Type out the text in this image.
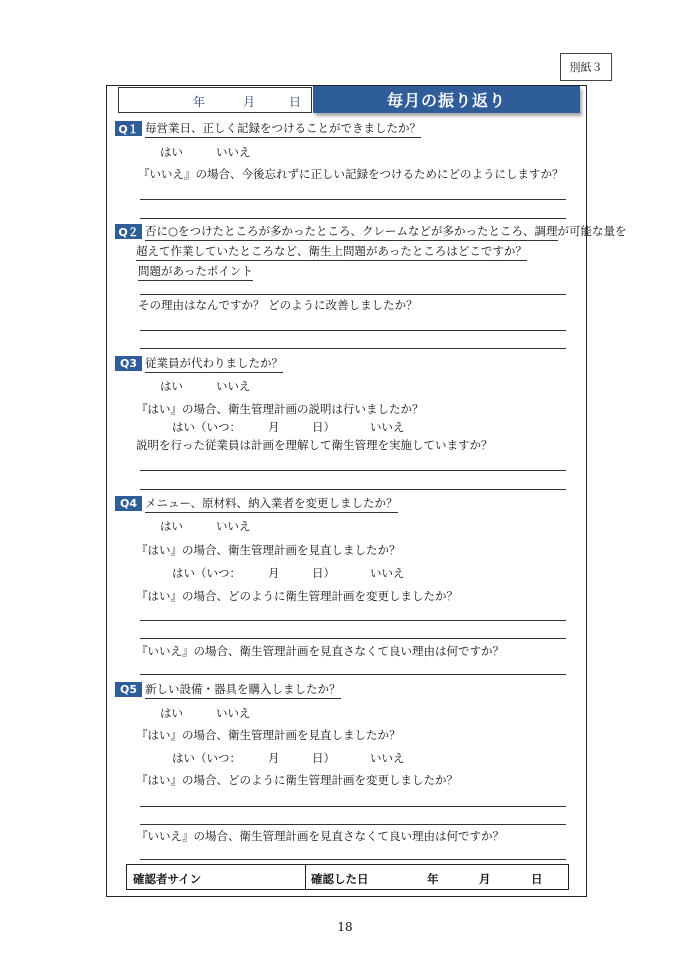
別紙３
年	月	日	毎月の振り返り
Q１ 毎営業日、正しく記録をつけることができましたか？
はい	いいえ
『いいえ』の場合、今後忘れずに正しい記録をつけるためにどのようにしますか？
Q２ 否に○をつけたところが多かったところ、クレームなどが多かったところ、調理が可能な量を
超えて作業していたところなど、衛生上問題があったところはどこですか？
問題があったポイント
その理由はなんですか？ どのように改善しましたか？
Q3 従業員が代わりましたか？
はい	いいえ
『はい』の場合、衛生管理計画の説明は行いましたか？
はい（いつ： 月	日）	いいえ
説明を行った従業員は計画を理解して衛生管理を実施していますか？
Q4 メニュー、原材料、納入業者を変更しましたか？
はい	いいえ
『はい』の場合、衛生管理計画を見直しましたか？
はい（いつ： 月	日）	いいえ
『はい』の場合、どのように衛生管理計画を変更しましたか？
『いいえ』の場合、衛生管理計画を見直さなくて良い理由は何ですか？
Q5 新しい設備・器具を購入しましたか？
はい	いいえ
『はい』の場合、衛生管理計画を見直しましたか？
はい（いつ： 月	日）	いいえ
『はい』の場合、どのように衛生管理計画を変更しましたか？
『いいえ』の場合、衛生管理計画を見直さなくて良い理由は何ですか？
確認者サイン	確認した日	年	月	日
18
